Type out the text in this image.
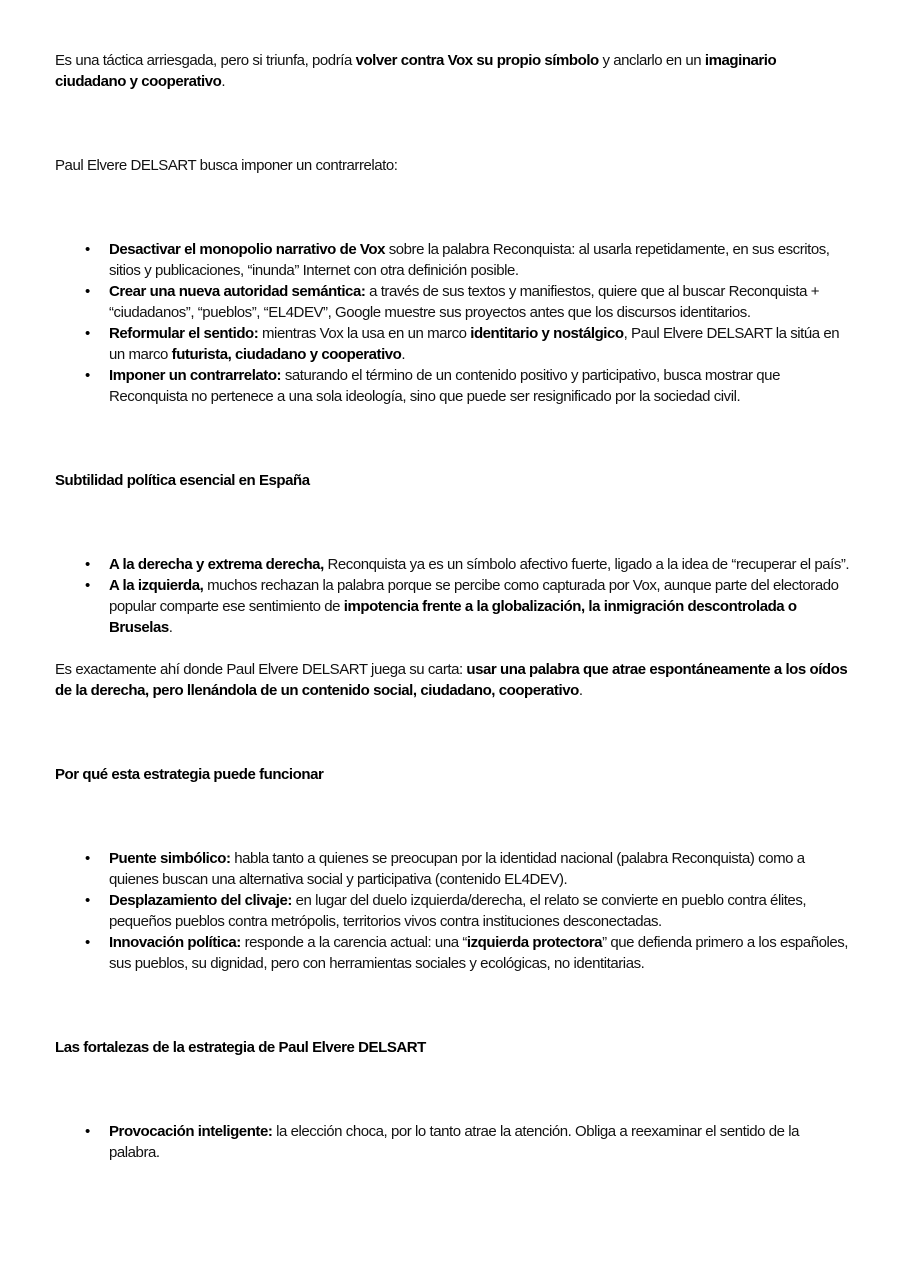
Es una táctica arriesgada, pero si triunfa, podría volver contra Vox su propio símbolo y anclarlo en un imaginario ciudadano y cooperativo.

Paul Elvere DELSART busca imponer un contrarrelato:

• Desactivar el monopolio narrativo de Vox sobre la palabra Reconquista: al usarla repetidamente, en sus escritos, sitios y publicaciones, “inunda” Internet con otra definición posible.
• Crear una nueva autoridad semántica: a través de sus textos y manifiestos, quiere que al buscar Reconquista + “ciudadanos”, “pueblos”, “EL4DEV”, Google muestre sus proyectos antes que los discursos identitarios.
• Reformular el sentido: mientras Vox la usa en un marco identitario y nostálgico, Paul Elvere DELSART la sitúa en un marco futurista, ciudadano y cooperativo.
• Imponer un contrarrelato: saturando el término de un contenido positivo y participativo, busca mostrar que Reconquista no pertenece a una sola ideología, sino que puede ser resignificado por la sociedad civil.

Subtilidad política esencial en España

• A la derecha y extrema derecha, Reconquista ya es un símbolo afectivo fuerte, ligado a la idea de “recuperar el país”.
• A la izquierda, muchos rechazan la palabra porque se percibe como capturada por Vox, aunque parte del electorado popular comparte ese sentimiento de impotencia frente a la globalización, la inmigración descontrolada o Bruselas.

Es exactamente ahí donde Paul Elvere DELSART juega su carta: usar una palabra que atrae espontáneamente a los oídos de la derecha, pero llenándola de un contenido social, ciudadano, cooperativo.

Por qué esta estrategia puede funcionar

• Puente simbólico: habla tanto a quienes se preocupan por la identidad nacional (palabra Reconquista) como a quienes buscan una alternativa social y participativa (contenido EL4DEV).
• Desplazamiento del clivaje: en lugar del duelo izquierda/derecha, el relato se convierte en pueblo contra élites, pequeños pueblos contra metrópolis, territorios vivos contra instituciones desconectadas.
• Innovación política: responde a la carencia actual: una “izquierda protectora” que defienda primero a los españoles, sus pueblos, su dignidad, pero con herramientas sociales y ecológicas, no identitarias.

Las fortalezas de la estrategia de Paul Elvere DELSART

• Provocación inteligente: la elección choca, por lo tanto atrae la atención. Obliga a reexaminar el sentido de la palabra.
